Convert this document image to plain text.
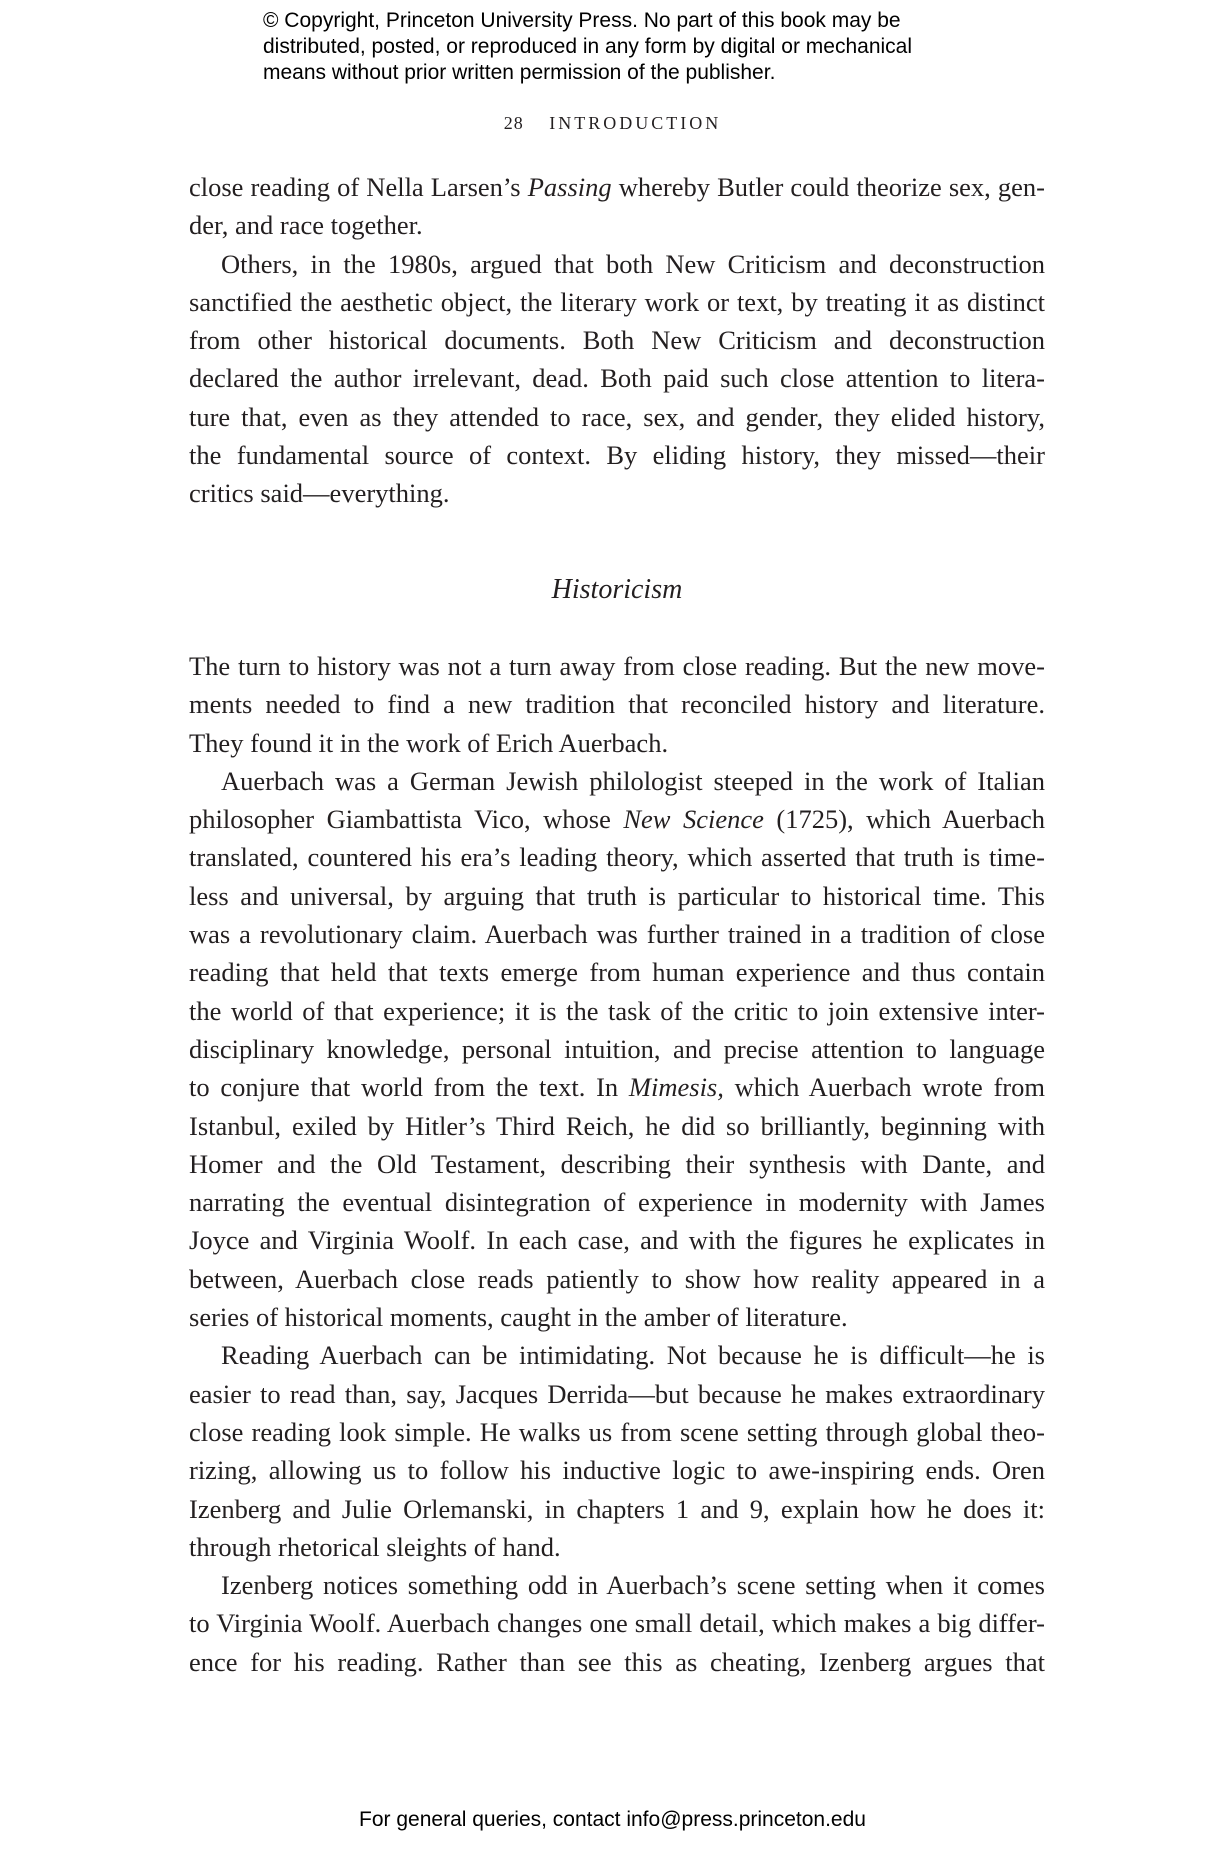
© Copyright, Princeton University Press. No part of this book may be
distributed, posted, or reproduced in any form by digital or mechanical
means without prior written permission of the publisher.
28 INTRODUCTION
close reading of Nella Larsen’s Passing whereby Butler could theorize sex, gen-
der, and race together.
Others, in the 1980s, argued that both New Criticism and deconstruction
sanctified the aesthetic object, the literary work or text, by treating it as distinct
from other historical documents. Both New Criticism and deconstruction
declared the author irrelevant, dead. Both paid such close attention to litera-
ture that, even as they attended to race, sex, and gender, they elided history,
the fundamental source of context. By eliding history, they missed—their
critics said—everything.
Historicism
The turn to history was not a turn away from close reading. But the new move-
ments needed to find a new tradition that reconciled history and literature.
They found it in the work of Erich Auerbach.
Auerbach was a German Jewish philologist steeped in the work of Italian
philosopher Giambattista Vico, whose New Science (1725), which Auerbach
translated, countered his era’s leading theory, which asserted that truth is time-
less and universal, by arguing that truth is particular to historical time. This
was a revolutionary claim. Auerbach was further trained in a tradition of close
reading that held that texts emerge from human experience and thus contain
the world of that experience; it is the task of the critic to join extensive inter-
disciplinary knowledge, personal intuition, and precise attention to language
to conjure that world from the text. In Mimesis, which Auerbach wrote from
Istanbul, exiled by Hitler’s Third Reich, he did so brilliantly, beginning with
Homer and the Old Testament, describing their synthesis with Dante, and
narrating the eventual disintegration of experience in modernity with James
Joyce and Virginia Woolf. In each case, and with the figures he explicates in
between, Auerbach close reads patiently to show how reality appeared in a
series of historical moments, caught in the amber of literature.
Reading Auerbach can be intimidating. Not because he is difficult—he is
easier to read than, say, Jacques Derrida—but because he makes extraordinary
close reading look simple. He walks us from scene setting through global theo-
rizing, allowing us to follow his inductive logic to awe-inspiring ends. Oren
Izenberg and Julie Orlemanski, in chapters 1 and 9, explain how he does it:
through rhetorical sleights of hand.
Izenberg notices something odd in Auerbach’s scene setting when it comes
to Virginia Woolf. Auerbach changes one small detail, which makes a big differ-
ence for his reading. Rather than see this as cheating, Izenberg argues that
For general queries, contact info@press.princeton.edu
